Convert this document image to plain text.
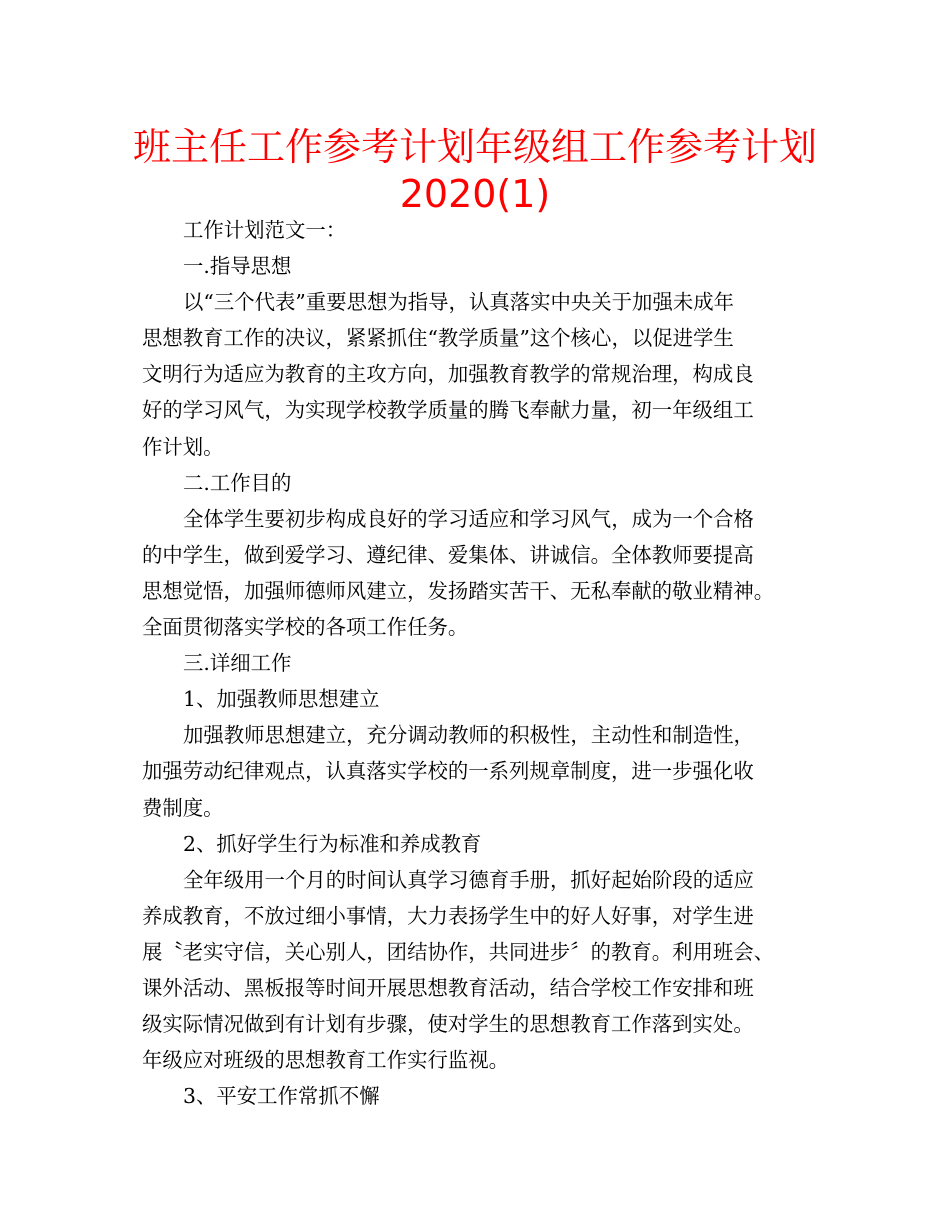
班主任工作参考计划年级组工作参考计划
2020(1)
工作计划范文一：
一.指导思想
以“三个代表”重要思想为指导，认真落实中央关于加强未成年
思想教育工作的决议，紧紧抓住“教学质量”这个核心，以促进学生
文明行为适应为教育的主攻方向，加强教育教学的常规治理，构成良
好的学习风气，为实现学校教学质量的腾飞奉献力量，初一年级组工
作计划。
二.工作目的
全体学生要初步构成良好的学习适应和学习风气，成为一个合格
的中学生，做到爱学习、遵纪律、爱集体、讲诚信。全体教师要提高
思想觉悟，加强师德师风建立，发扬踏实苦干、无私奉献的敬业精神。
全面贯彻落实学校的各项工作任务。
三.详细工作
1、加强教师思想建立
加强教师思想建立，充分调动教师的积极性，主动性和制造性，
加强劳动纪律观点，认真落实学校的一系列规章制度，进一步强化收
费制度。
2、抓好学生行为标准和养成教育
全年级用一个月的时间认真学习德育手册，抓好起始阶段的适应
养成教育，不放过细小事情，大力表扬学生中的好人好事，对学生进
展〝老实守信，关心别人，团结协作，共同进步〞的教育。利用班会、
课外活动、黑板报等时间开展思想教育活动，结合学校工作安排和班
级实际情况做到有计划有步骤，使对学生的思想教育工作落到实处。
年级应对班级的思想教育工作实行监视。
3、平安工作常抓不懈
